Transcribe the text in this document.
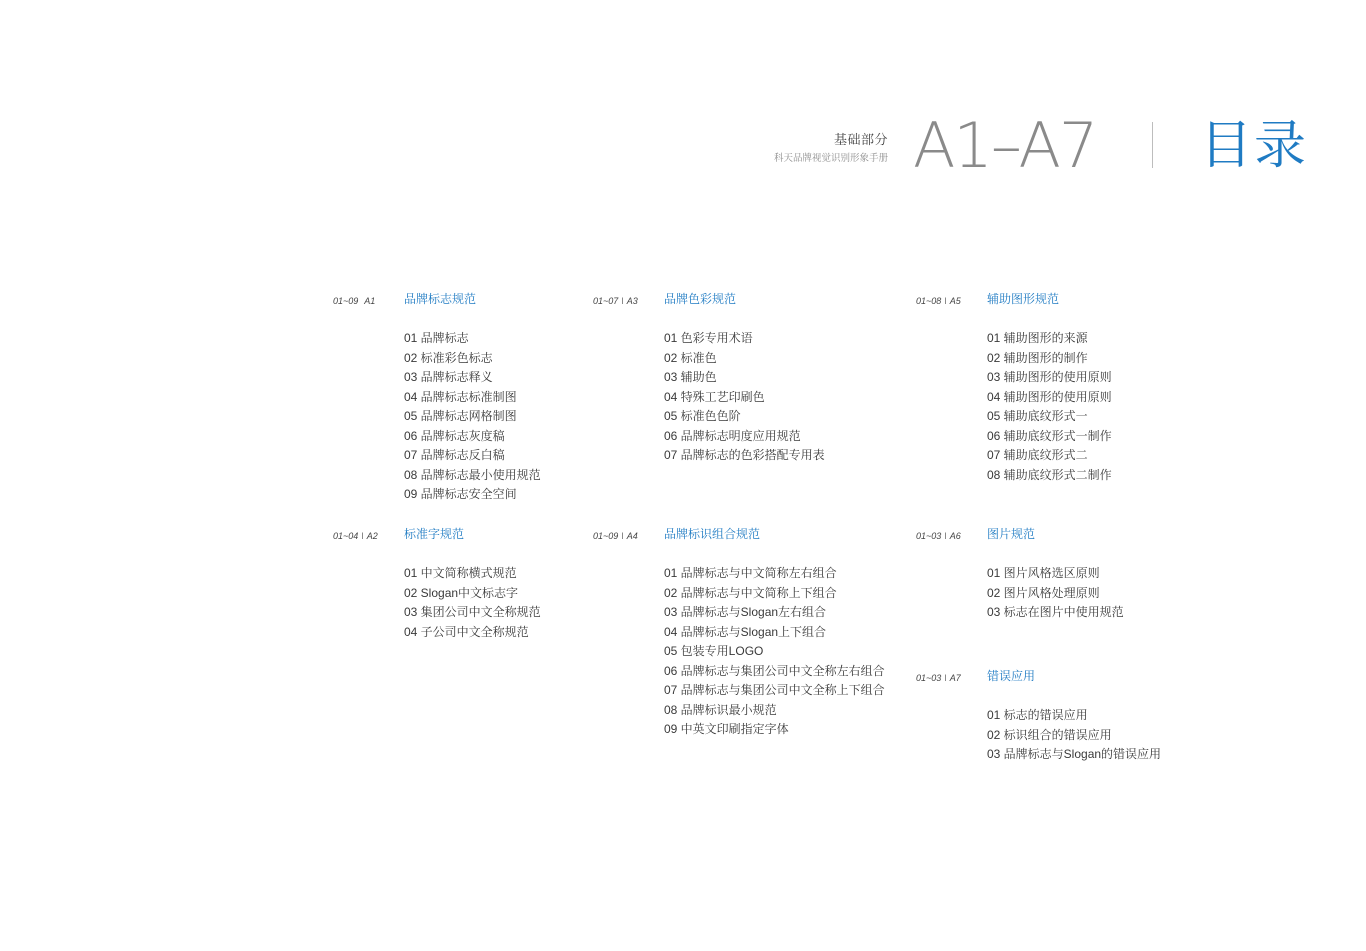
基础部分
科天品牌视觉识别形象手册 A1–A7 目录
01~09 A1 品牌标志规范
01 品牌标志
02 标准彩色标志
03 品牌标志释义
04 品牌标志标准制图
05 品牌标志网格制图
06 品牌标志灰度稿
07 品牌标志反白稿
08 品牌标志最小使用规范
09 品牌标志安全空间
01~04 I A2 标准字规范
01 中文简称横式规范
02 Slogan中文标志字
03 集团公司中文全称规范
04 子公司中文全称规范
01~07 I A3 品牌色彩规范
01 色彩专用术语
02 标准色
03 辅助色
04 特殊工艺印刷色
05 标准色色阶
06 品牌标志明度应用规范
07 品牌标志的色彩搭配专用表
01~09 I A4 品牌标识组合规范
01 品牌标志与中文简称左右组合
02 品牌标志与中文简称上下组合
03 品牌标志与Slogan左右组合
04 品牌标志与Slogan上下组合
05 包装专用LOGO
06 品牌标志与集团公司中文全称左右组合
07 品牌标志与集团公司中文全称上下组合
08 品牌标识最小规范
09 中英文印刷指定字体
01~08 I A5 辅助图形规范
01 辅助图形的来源
02 辅助图形的制作
03 辅助图形的使用原则
04 辅助图形的使用原则
05 辅助底纹形式一
06 辅助底纹形式一制作
07 辅助底纹形式二
08 辅助底纹形式二制作
01~03 I A6 图片规范
01 图片风格选区原则
02 图片风格处理原则
03 标志在图片中使用规范
01~03 I A7 错误应用
01 标志的错误应用
02 标识组合的错误应用
03 品牌标志与Slogan的错误应用
